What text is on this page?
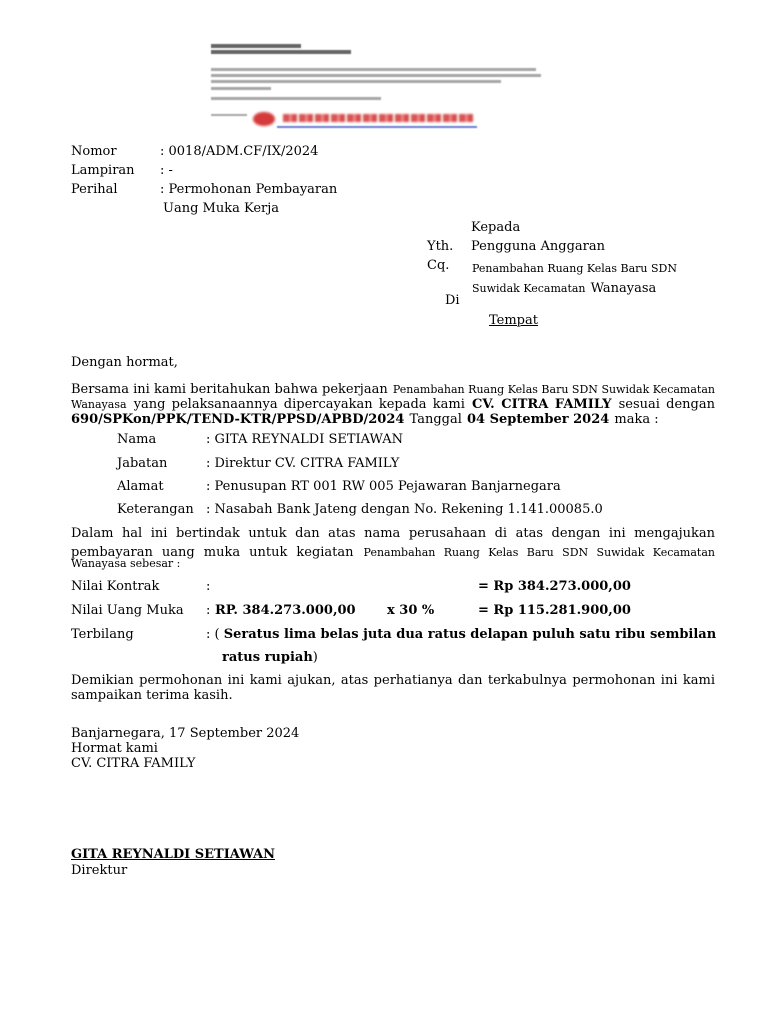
Nomor	: 0018/ADM.CF/IX/2024
Lampiran : -
Perihal	: Permohonan Pembayaran
Uang Muka Kerja
Kepada
Yth. Pengguna Anggaran
Cq. Penambahan Ruang Kelas Baru SDN
Suwidak Kecamatan Wanayasa
Di
Tempat
Dengan hormat,
Bersama ini kami beritahukan bahwa pekerjaan Penambahan Ruang Kelas Baru SDN Suwidak Kecamatan
Wanayasa yang pelaksanaannya dipercayakan kepada kami CV. CITRA FAMILY sesuai dengan
690/SPKon/PPK/TEND-KTR/PPSD/APBD/2024 Tanggal 04 September 2024 maka :
Nama	: GITA REYNALDI SETIAWAN
Jabatan	: Direktur CV. CITRA FAMILY
Alamat	: Penusupan RT 001 RW 005 Pejawaran Banjarnegara
Keterangan : Nasabah Bank Jateng dengan No. Rekening 1.141.00085.0
Dalam hal ini bertindak untuk dan atas nama perusahaan di atas dengan ini mengajukan
pembayaran uang muka untuk kegiatan Penambahan Ruang Kelas Baru SDN Suwidak Kecamatan
Wanayasa sebesar :
Nilai Kontrak	:	= Rp 384.273.000,00
Nilai Uang Muka : RP. 384.273.000,00 x 30 %	= Rp 115.281.900,00
Terbilang	: ( Seratus lima belas juta dua ratus delapan puluh satu ribu sembilan
ratus rupiah)
Demikian permohonan ini kami ajukan, atas perhatianya dan terkabulnya permohonan ini kami
sampaikan terima kasih.
Banjarnegara, 17 September 2024
Hormat kami
CV. CITRA FAMILY
GITA REYNALDI SETIAWAN
Direktur
